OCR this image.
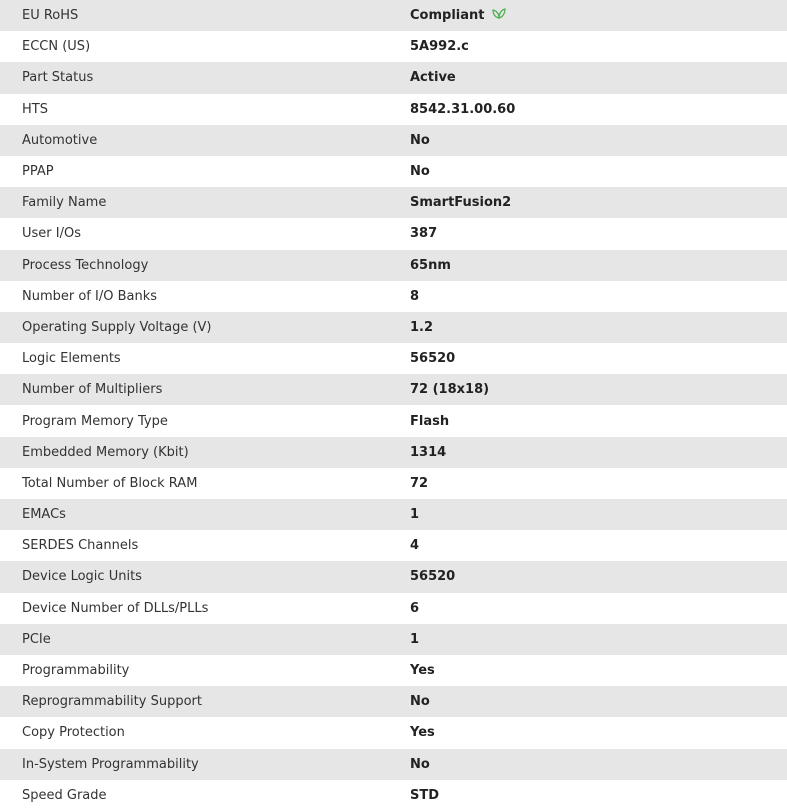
EU RoHS	Compliant
ECCN (US)	5A992.c
Part Status	Active
HTS	8542.31.00.60
Automotive	No
PPAP	No
Family Name	SmartFusion2
User I/Os	387
Process Technology	65nm
Number of I/O Banks	8
Operating Supply Voltage (V)	1.2
Logic Elements	56520
Number of Multipliers	72 (18x18)
Program Memory Type	Flash
Embedded Memory (Kbit)	1314
Total Number of Block RAM	72
EMACs	1
SERDES Channels	4
Device Logic Units	56520
Device Number of DLLs/PLLs	6
PCIe	1
Programmability	Yes
Reprogrammability Support	No
Copy Protection	Yes
In-System Programmability	No
Speed Grade	STD
